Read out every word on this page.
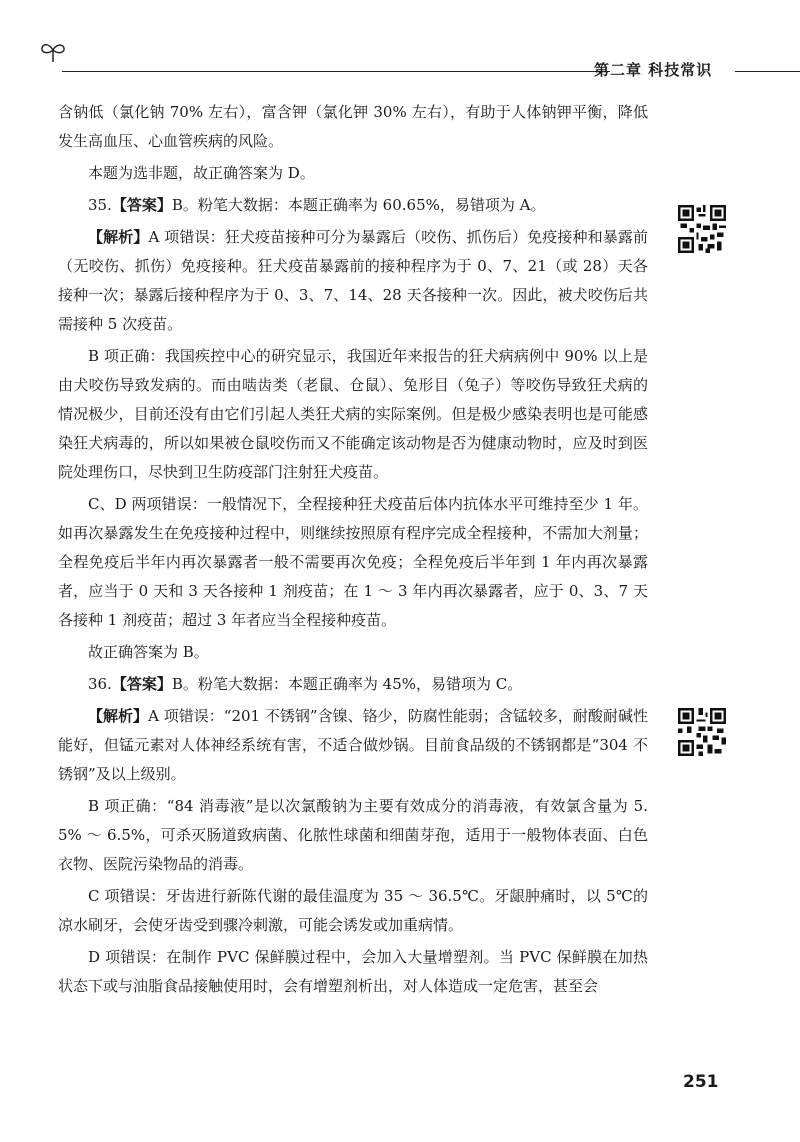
第二章 科技常识

含钠低（氯化钠 70% 左右），富含钾（氯化钾 30% 左右），有助于人体钠钾平衡，降低发生高血压、心血管疾病的风险。

本题为选非题，故正确答案为 D。

35.【答案】B。粉笔大数据：本题正确率为 60.65%，易错项为 A。

【解析】A 项错误：狂犬疫苗接种可分为暴露后（咬伤、抓伤后）免疫接种和暴露前（无咬伤、抓伤）免疫接种。狂犬疫苗暴露前的接种程序为于 0、7、21（或 28）天各接种一次；暴露后接种程序为于 0、3、7、14、28 天各接种一次。因此，被犬咬伤后共需接种 5 次疫苗。

B 项正确：我国疾控中心的研究显示，我国近年来报告的狂犬病病例中 90% 以上是由犬咬伤导致发病的。而由啮齿类（老鼠、仓鼠）、兔形目（兔子）等咬伤导致狂犬病的情况极少，目前还没有由它们引起人类狂犬病的实际案例。但是极少感染表明也是可能感染狂犬病毒的，所以如果被仓鼠咬伤而又不能确定该动物是否为健康动物时，应及时到医院处理伤口，尽快到卫生防疫部门注射狂犬疫苗。

C、D 两项错误：一般情况下，全程接种狂犬疫苗后体内抗体水平可维持至少 1 年。如再次暴露发生在免疫接种过程中，则继续按照原有程序完成全程接种，不需加大剂量；全程免疫后半年内再次暴露者一般不需要再次免疫；全程免疫后半年到 1 年内再次暴露者，应当于 0 天和 3 天各接种 1 剂疫苗；在 1 ～ 3 年内再次暴露者，应于 0、3、7 天各接种 1 剂疫苗；超过 3 年者应当全程接种疫苗。

故正确答案为 B。

36.【答案】B。粉笔大数据：本题正确率为 45%，易错项为 C。

【解析】A 项错误：“201 不锈钢”含镍、铬少，防腐性能弱；含锰较多，耐酸耐碱性能好，但锰元素对人体神经系统有害，不适合做炒锅。目前食品级的不锈钢都是“304 不锈钢”及以上级别。

B 项正确：“84 消毒液”是以次氯酸钠为主要有效成分的消毒液，有效氯含量为 5.5% ～ 6.5%，可杀灭肠道致病菌、化脓性球菌和细菌芽孢，适用于一般物体表面、白色衣物、医院污染物品的消毒。

C 项错误：牙齿进行新陈代谢的最佳温度为 35 ～ 36.5℃。牙龈肿痛时，以 5℃的凉水刷牙，会使牙齿受到骤冷刺激，可能会诱发或加重病情。

D 项错误：在制作 PVC 保鲜膜过程中，会加入大量增塑剂。当 PVC 保鲜膜在加热状态下或与油脂食品接触使用时，会有增塑剂析出，对人体造成一定危害，甚至会

251
